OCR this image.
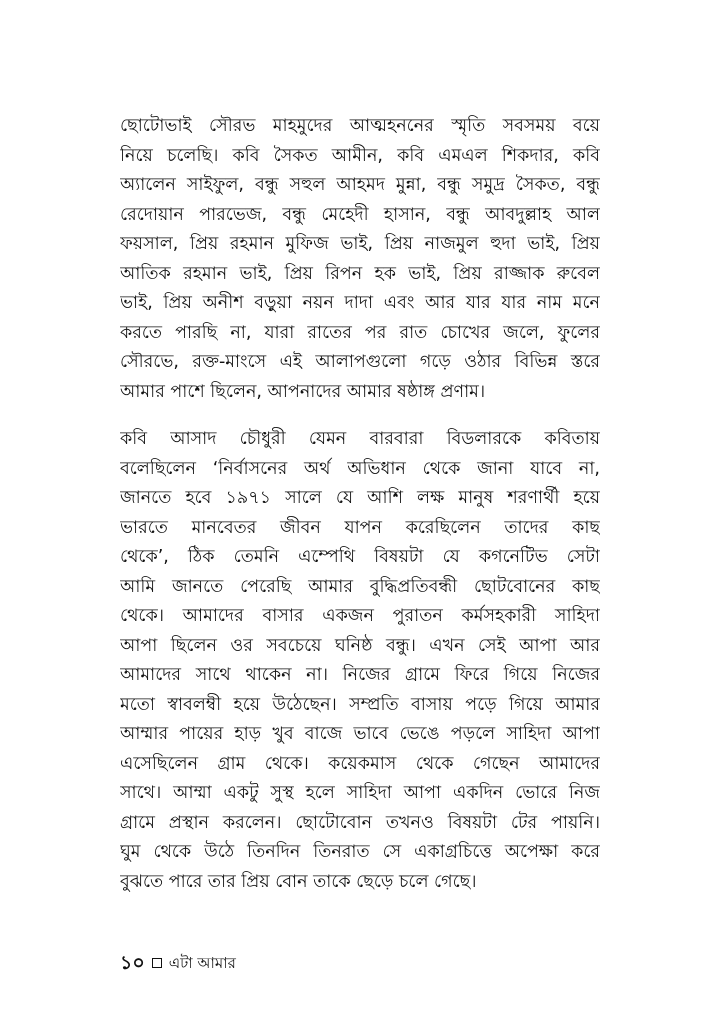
ছোটোভাই সৌরভ মাহমুদের আত্মহননের স্মৃতি সবসময় বয়ে
নিয়ে চলেছি। কবি সৈকত আমীন, কবি এমএল শিকদার, কবি
অ্যালেন সাইফুল, বন্ধু সহুল আহমদ মুন্না, বন্ধু সমুদ্র সৈকত, বন্ধু
রেদোয়ান পারভেজ, বন্ধু মেহেদী হাসান, বন্ধু আবদুল্লাহ আল
ফয়সাল, প্রিয় রহমান মুফিজ ভাই, প্রিয় নাজমুল হুদা ভাই, প্রিয়
আতিক রহমান ভাই, প্রিয় রিপন হক ভাই, প্রিয় রাজ্জাক রুবেল
ভাই, প্রিয় অনীশ বড়ুয়া নয়ন দাদা এবং আর যার যার নাম মনে
করতে পারছি না, যারা রাতের পর রাত চোখের জলে, ফুলের
সৌরভে, রক্ত-মাংসে এই আলাপগুলো গড়ে ওঠার বিভিন্ন স্তরে
আমার পাশে ছিলেন, আপনাদের আমার ষষ্ঠাঙ্গ প্রণাম।
কবি আসাদ চৌধুরী যেমন বারবারা বিডলারকে কবিতায়
বলেছিলেন ‘নির্বাসনের অর্থ অভিধান থেকে জানা যাবে না,
জানতে হবে ১৯৭১ সালে যে আশি লক্ষ মানুষ শরণার্থী হয়ে
ভারতে মানবেতর জীবন যাপন করেছিলেন তাদের কাছ
থেকে’, ঠিক তেমনি এম্পেথি বিষয়টা যে কগনেটিভ সেটা
আমি জানতে পেরেছি আমার বুদ্ধিপ্রতিবন্ধী ছোটবোনের কাছ
থেকে। আমাদের বাসার একজন পুরাতন কর্মসহকারী সাহিদা
আপা ছিলেন ওর সবচেয়ে ঘনিষ্ঠ বন্ধু। এখন সেই আপা আর
আমাদের সাথে থাকেন না। নিজের গ্রামে ফিরে গিয়ে নিজের
মতো স্বাবলম্বী হয়ে উঠেছেন। সম্প্রতি বাসায় পড়ে গিয়ে আমার
আম্মার পায়ের হাড় খুব বাজে ভাবে ভেঙে পড়লে সাহিদা আপা
এসেছিলেন গ্রাম থেকে। কয়েকমাস থেকে গেছেন আমাদের
সাথে। আম্মা একটু সুস্থ হলে সাহিদা আপা একদিন ভোরে নিজ
গ্রামে প্রস্থান করলেন। ছোটোবোন তখনও বিষয়টা টের পায়নি।
ঘুম থেকে উঠে তিনদিন তিনরাত সে একাগ্রচিত্তে অপেক্ষা করে
বুঝতে পারে তার প্রিয় বোন তাকে ছেড়ে চলে গেছে।
১০ এটা আমার
